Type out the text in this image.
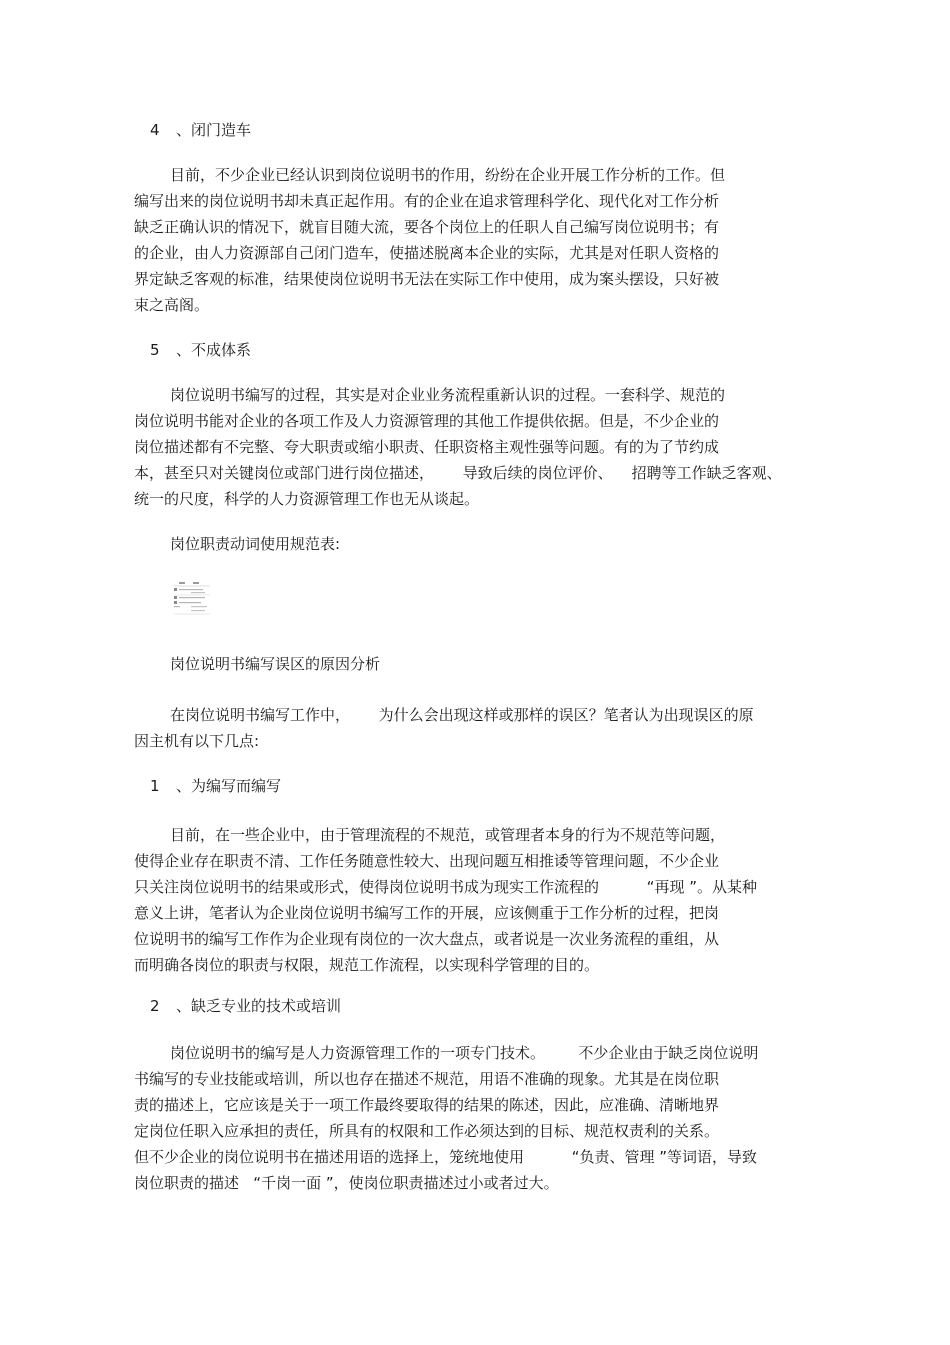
4 、闭门造车
目前，不少企业已经认识到岗位说明书的作用，纷纷在企业开展工作分析的工作。但
编写出来的岗位说明书却未真正起作用。有的企业在追求管理科学化、现代化对工作分析
缺乏正确认识的情况下，就盲目随大流，要各个岗位上的任职人自己编写岗位说明书；有
的企业，由人力资源部自己闭门造车，使描述脱离本企业的实际，尤其是对任职人资格的
界定缺乏客观的标准，结果使岗位说明书无法在实际工作中使用，成为案头摆设，只好被
束之高阁。
5 、不成体系
岗位说明书编写的过程，其实是对企业业务流程重新认识的过程。一套科学、规范的
岗位说明书能对企业的各项工作及人力资源管理的其他工作提供依据。但是，不少企业的
岗位描述都有不完整、夸大职责或缩小职责、任职资格主观性强等问题。有的为了节约成
本，甚至只对关键岗位或部门进行岗位描述，      导致后续的岗位评价、    招聘等工作缺乏客观、
统一的尺度，科学的人力资源管理工作也无从谈起。
岗位职责动词使用规范表:
岗位说明书编写误区的原因分析
在岗位说明书编写工作中，      为什么会出现这样或那样的误区？笔者认为出现误区的原
因主机有以下几点:
1 、为编写而编写
目前，在一些企业中，由于管理流程的不规范，或管理者本身的行为不规范等问题，
使得企业存在职责不清、工作任务随意性较大、出现问题互相推诿等管理问题，不少企业
只关注岗位说明书的结果或形式，使得岗位说明书成为现实工作流程的          “再现 ”。从某种
意义上讲，笔者认为企业岗位说明书编写工作的开展，应该侧重于工作分析的过程，把岗
位说明书的编写工作作为企业现有岗位的一次大盘点，或者说是一次业务流程的重组，从
而明确各岗位的职责与权限，规范工作流程，以实现科学管理的目的。
2 、缺乏专业的技术或培训
岗位说明书的编写是人力资源管理工作的一项专门技术。       不少企业由于缺乏岗位说明
书编写的专业技能或培训，所以也存在描述不规范，用语不准确的现象。尤其是在岗位职
责的描述上，它应该是关于一项工作最终要取得的结果的陈述，因此，应准确、清晰地界
定岗位任职入应承担的责任，所具有的权限和工作必须达到的目标、规范权责利的关系。
但不少企业的岗位说明书在描述用语的选择上，笼统地使用          “负责、管理 ”等词语，导致
岗位职责的描述   “千岗一面 ”，使岗位职责描述过小或者过大。
